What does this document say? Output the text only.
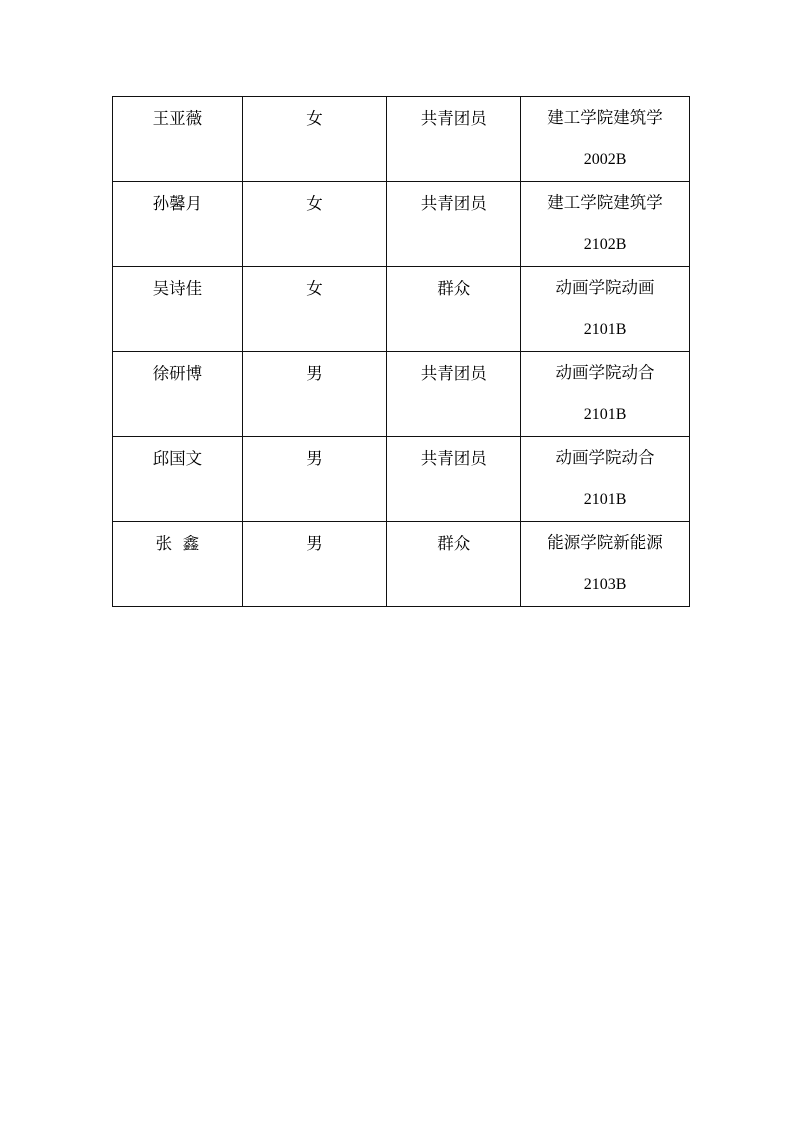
王亚薇	女	共青团员	建工学院建筑学
2002B

孙馨月	女	共青团员	建工学院建筑学
2102B

吴诗佳	女	群众	动画学院动画
2101B

徐研博	男	共青团员	动画学院动合
2101B

邱国文	男	共青团员	动画学院动合
2101B

张  鑫	男	群众	能源学院新能源
2103B
